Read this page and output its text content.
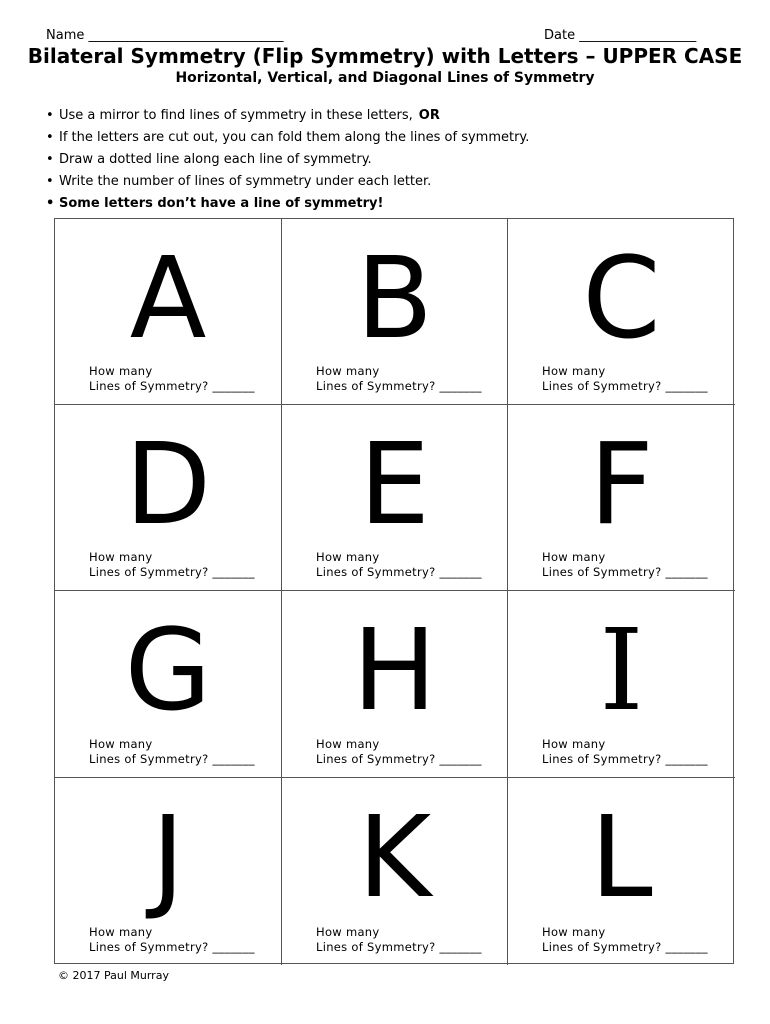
Name ______________________________	Date __________________
Bilateral Symmetry (Flip Symmetry) with Letters – UPPER CASE
Horizontal, Vertical, and Diagonal Lines of Symmetry
• Use a mirror to find lines of symmetry in these letters, OR
• If the letters are cut out, you can fold them along the lines of symmetry.
• Draw a dotted line along each line of symmetry.
• Write the number of lines of symmetry under each letter.
• Some letters don’t have a line of symmetry!
A
How many
Lines of Symmetry? _______
B
How many
Lines of Symmetry? _______
C
How many
Lines of Symmetry? _______
D
How many
Lines of Symmetry? _______
E
How many
Lines of Symmetry? _______
F
How many
Lines of Symmetry? _______
G
How many
Lines of Symmetry? _______
H
How many
Lines of Symmetry? _______
I
How many
Lines of Symmetry? _______
J
How many
Lines of Symmetry? _______
K
How many
Lines of Symmetry? _______
L
How many
Lines of Symmetry? _______
© 2017 Paul Murray
